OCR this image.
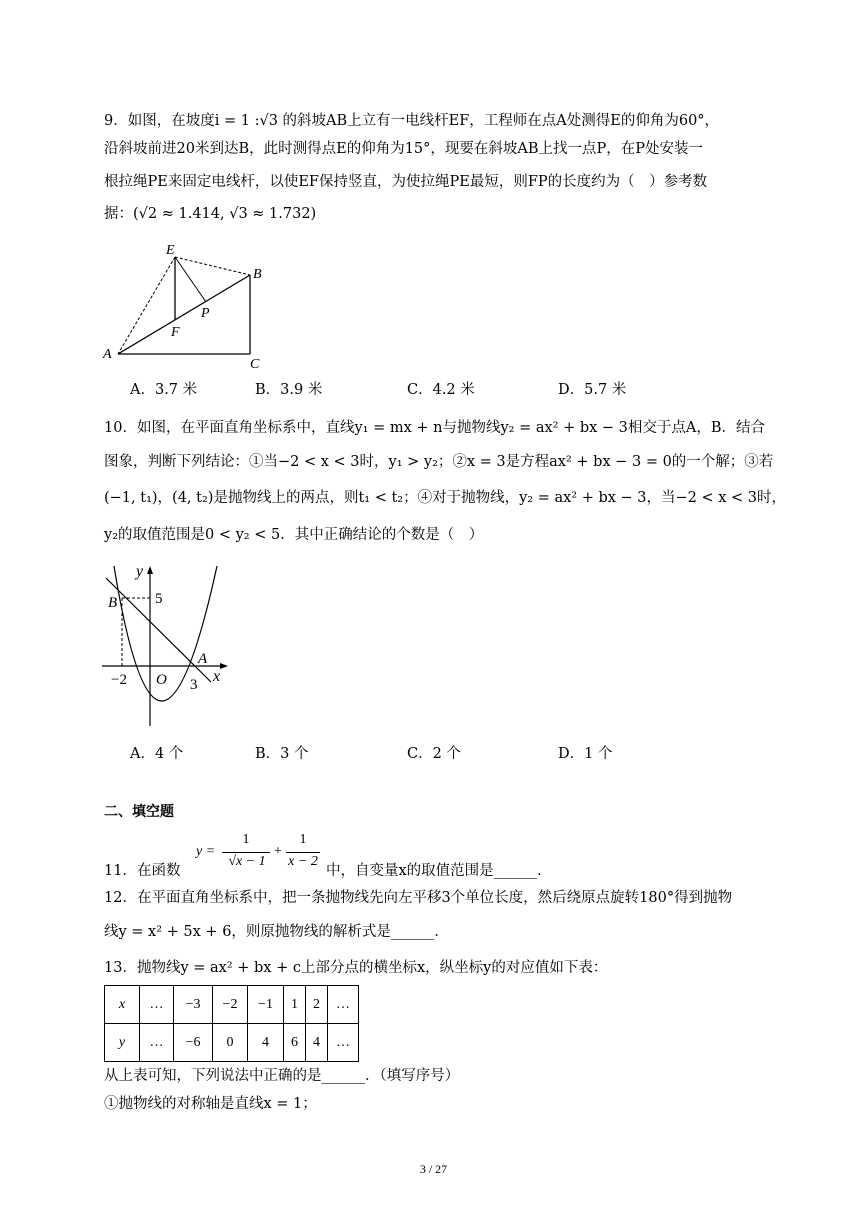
9．如图，在坡度i = 1 :√3 的斜坡AB上立有一电线杆EF，工程师在点A处测得E的仰角为60°，
沿斜坡前进20米到达B，此时测得点E的仰角为15°，现要在斜坡AB上找一点P，在P处安装一
根拉绳PE来固定电线杆，以使EF保持竖直，为使拉绳PE最短，则FP的长度约为（　）参考数
据：(√2 ≈ 1.414, √3 ≈ 1.732)
E
B
P
F
A
C
A．3.7 米	B．3.9 米	C．4.2 米	D．5.7 米
10．如图，在平面直角坐标系中，直线y₁ = mx + n与抛物线y₂ = ax² + bx − 3相交于点A，B．结合
图象，判断下列结论：①当−2 < x < 3时，y₁ > y₂；②x = 3是方程ax² + bx − 3 = 0的一个解；③若
(−1, t₁)，(4, t₂)是抛物线上的两点，则t₁ < t₂；④对于抛物线，y₂ = ax² + bx − 3，当−2 < x < 3时，
y₂的取值范围是0 < y₂ < 5．其中正确结论的个数是（　）
y
B	5
A
−2 O 3 x
A．4 个	B．3 个	C．2 个	D．1 个
二、填空题
11．在函数
y =
1
√x − 1
+
1
x − 2
中，自变量x的取值范围是______．
12．在平面直角坐标系中，把一条抛物线先向左平移3个单位长度，然后绕原点旋转180°得到抛物
线y = x² + 5x + 6，则原抛物线的解析式是______．
13．抛物线y = ax² + bx + c上部分点的横坐标x，纵坐标y的对应值如下表：
x	…	−3	−2	−1	1	2	…
y	…	−6	0	4	6	4	…
从上表可知，下列说法中正确的是______．（填写序号）
①抛物线的对称轴是直线x = 1；
3 / 27
